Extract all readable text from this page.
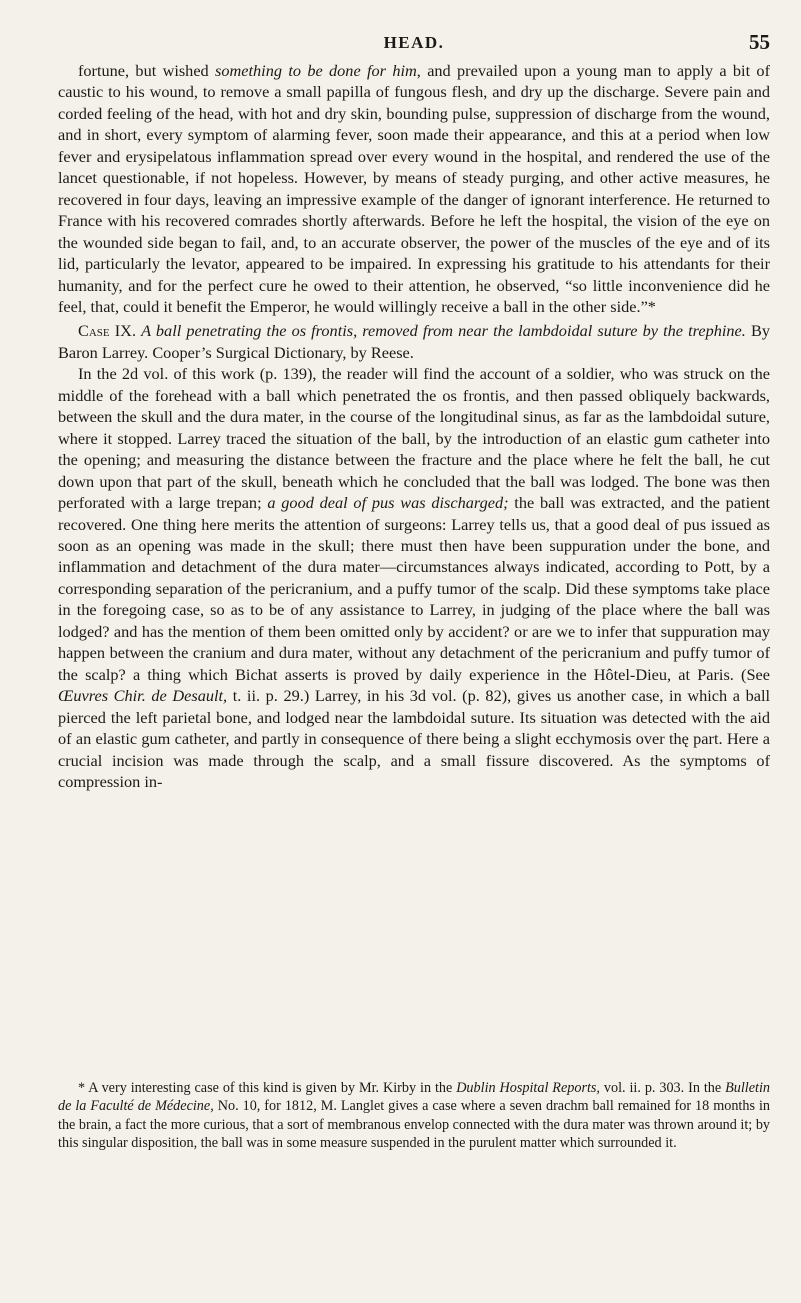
HEAD.	55

fortune, but wished something to be done for him, and prevailed upon a young man to apply a bit of caustic to his wound, to remove a small papilla of fungous flesh, and dry up the discharge. Severe pain and corded feeling of the head, with hot and dry skin, bounding pulse, suppression of discharge from the wound, and in short, every symptom of alarming fever, soon made their appearance, and this at a period when low fever and erysipelatous inflammation spread over every wound in the hospital, and rendered the use of the lancet questionable, if not hopeless. However, by means of steady purging, and other active measures, he recovered in four days, leaving an impressive example of the danger of ignorant interference. He returned to France with his recovered comrades shortly afterwards. Before he left the hospital, the vision of the eye on the wounded side began to fail, and, to an accurate observer, the power of the muscles of the eye and of its lid, particularly the levator, appeared to be impaired. In expressing his gratitude to his attendants for their humanity, and for the perfect cure he owed to their attention, he observed, “so little inconvenience did he feel, that, could it benefit the Emperor, he would willingly receive a ball in the other side.”*

Case IX. A ball penetrating the os frontis, removed from near the lambdoidal suture by the trephine. By Baron Larrey. Cooper’s Surgical Dictionary, by Reese.

In the 2d vol. of this work (p. 139), the reader will find the account of a soldier, who was struck on the middle of the forehead with a ball which penetrated the os frontis, and then passed obliquely backwards, between the skull and the dura mater, in the course of the longitudinal sinus, as far as the lambdoidal suture, where it stopped. Larrey traced the situation of the ball, by the introduction of an elastic gum catheter into the opening; and measuring the distance between the fracture and the place where he felt the ball, he cut down upon that part of the skull, beneath which he concluded that the ball was lodged. The bone was then perforated with a large trepan; a good deal of pus was discharged; the ball was extracted, and the patient recovered. One thing here merits the attention of surgeons: Larrey tells us, that a good deal of pus issued as soon as an opening was made in the skull; there must then have been suppuration under the bone, and inflammation and detachment of the dura mater—circumstances always indicated, according to Pott, by a corresponding separation of the pericranium, and a puffy tumor of the scalp. Did these symptoms take place in the foregoing case, so as to be of any assistance to Larrey, in judging of the place where the ball was lodged? and has the mention of them been omitted only by accident? or are we to infer that suppuration may happen between the cranium and dura mater, without any detachment of the pericranium and puffy tumor of the scalp? a thing which Bichat asserts is proved by daily experience in the Hôtel-Dieu, at Paris. (See Œuvres Chir. de Desault, t. ii. p. 29.) Larrey, in his 3d vol. (p. 82), gives us another case, in which a ball pierced the left parietal bone, and lodged near the lambdoidal suture. Its situation was detected with the aid of an elastic gum catheter, and partly in consequence of there being a slight ecchymosis over thę part. Here a crucial incision was made through the scalp, and a small fissure discovered. As the symptoms of compression in-

* A very interesting case of this kind is given by Mr. Kirby in the Dublin Hospital Reports, vol. ii. p. 303. In the Bulletin de la Faculté de Médecine, No. 10, for 1812, M. Langlet gives a case where a seven drachm ball remained for 18 months in the brain, a fact the more curious, that a sort of membranous envelop connected with the dura mater was thrown around it; by this singular disposition, the ball was in some measure suspended in the purulent matter which surrounded it.
